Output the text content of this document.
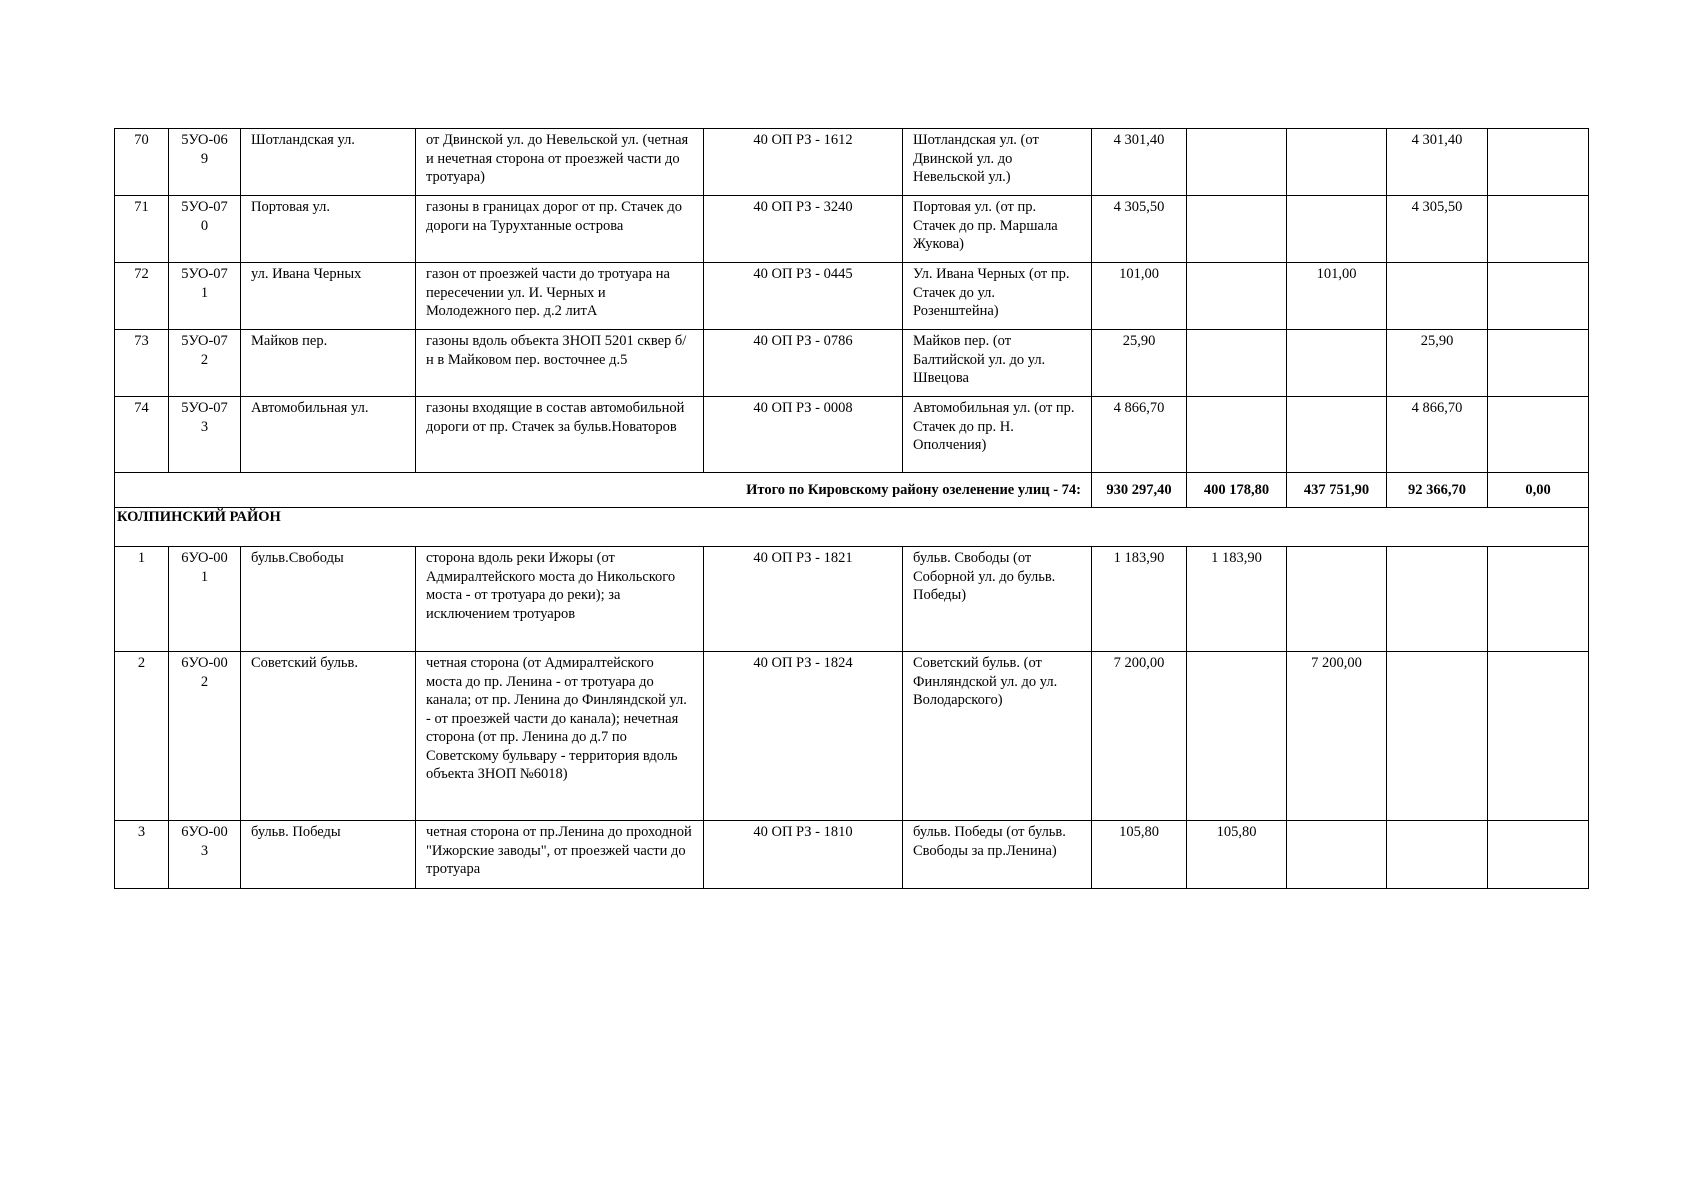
70	5УО-069	Шотландская ул.	от Двинской ул. до Невельской ул. (четная и нечетная сторона от проезжей части до тротуара)	40 ОП РЗ - 1612	Шотландская ул. (от Двинской ул. до Невельской ул.)	4 301,40			4 301,40	
71	5УО-070	Портовая ул.	газоны в границах дорог от пр. Стачек до дороги на Турухтанные острова	40 ОП РЗ - 3240	Портовая ул. (от пр. Стачек до пр. Маршала Жукова)	4 305,50			4 305,50	
72	5УО-071	ул. Ивана Черных	газон от проезжей части до тротуара на пересечении ул. И. Черных и Молодежного пер. д.2 литА	40 ОП РЗ - 0445	Ул. Ивана Черных (от пр. Стачек до ул. Розенштейна)	101,00		101,00		
73	5УО-072	Майков пер.	газоны вдоль объекта ЗНОП 5201 сквер б/н в Майковом пер. восточнее д.5	40 ОП РЗ - 0786	Майков пер. (от Балтийской ул. до ул. Швецова	25,90			25,90	
74	5УО-073	Автомобильная ул.	газоны входящие в состав автомобильной дороги от пр. Стачек за бульв.Новаторов	40 ОП РЗ - 0008	Автомобильная ул. (от пр. Стачек до пр. Н. Ополчения)	4 866,70			4 866,70	
Итого по Кировскому району озеленение улиц - 74:						930 297,40	400 178,80	437 751,90	92 366,70	0,00
КОЛПИНСКИЙ РАЙОН										
1	6УО-001	бульв.Свободы	сторона вдоль реки Ижоры (от Адмиралтейского моста до Никольского моста - от тротуара до реки); за исключением тротуаров	40 ОП РЗ - 1821	бульв. Свободы (от Соборной ул. до бульв. Победы)	1 183,90	1 183,90			
2	6УО-002	Советский бульв.	четная сторона (от Адмиралтейского моста до пр. Ленина - от тротуара до канала; от пр. Ленина до Финляндской ул. - от проезжей части до канала); нечетная сторона (от пр. Ленина до д.7 по Советскому бульвару - территория вдоль объекта ЗНОП №6018)	40 ОП РЗ - 1824	Советский бульв. (от Финляндской ул. до ул. Володарского)	7 200,00		7 200,00		
3	6УО-003	бульв. Победы	четная сторона от пр.Ленина до проходной "Ижорские заводы", от проезжей части до тротуара	40 ОП РЗ - 1810	бульв. Победы (от бульв. Свободы за пр.Ленина)	105,80	105,80			
